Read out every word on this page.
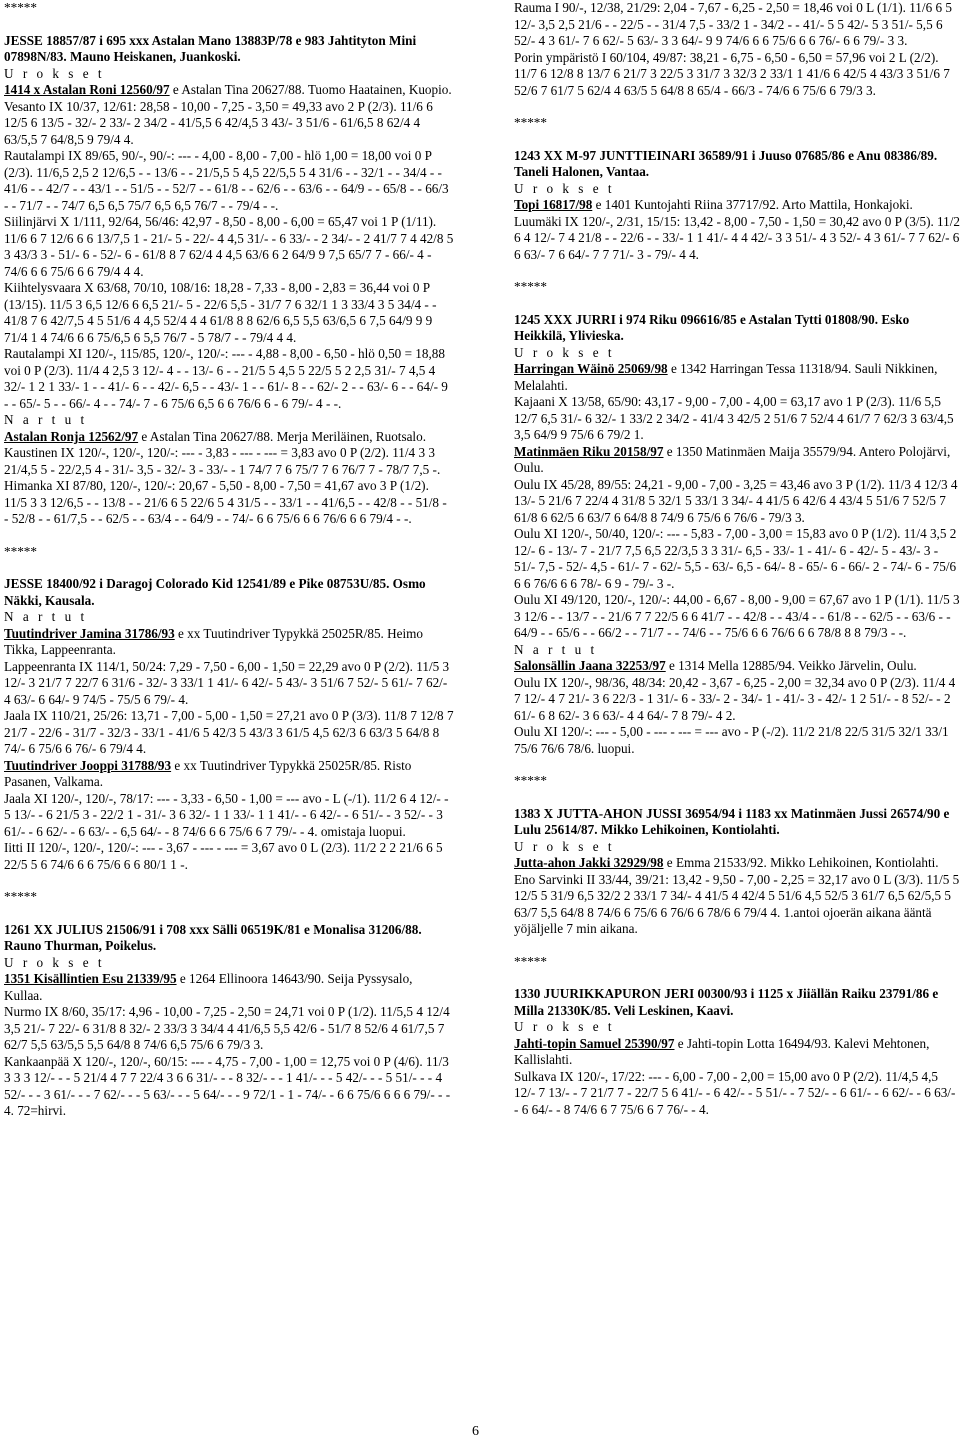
*****
JESSE 18857/87 i 695 xxx Astalan Mano 13883P/78 e 983 Jahtityton Mini 07898N/83. Mauno Heiskanen, Juankoski.
U r o k s e t
1414 x Astalan Roni 12560/97 e Astalan Tina 20627/88. Tuomo Haatainen, Kuopio.
Vesanto IX 10/37, 12/61: 28,58 - 10,00 - 7,25 - 3,50 = 49,33 avo 2 P (2/3). 11/6 6 12/5 6 13/5 - 32/- 2 33/- 2 34/2 - 41/5,5 6 42/4,5 3 43/- 3 51/6 - 61/6,5 8 62/4 4 63/5,5 7 64/8,5 9 79/4 4.
Rautalampi IX 89/65, 90/-, 90/-: --- - 4,00 - 8,00 - 7,00 - hlö 1,00 = 18,00 voi 0 P (2/3). 11/6,5 2,5 2 12/6,5 - - 13/6 - - 21/5,5 5 4,5 22/5,5 5 4 31/6 - - 32/1 - - 34/4 - - 41/6 - - 42/7 - - 43/1 - - 51/5 - - 52/7 - - 61/8 - - 62/6 - - 63/6 - - 64/9 - - 65/8 - - 66/3 - - 71/7 - - 74/7 6,5 6,5 75/7 6,5 6,5 76/7 - - 79/4 - -.
Siilinjärvi X 1/111, 92/64, 56/46: 42,97 - 8,50 - 8,00 - 6,00 = 65,47 voi 1 P (1/11). 11/6 6 7 12/6 6 6 13/7,5 1 - 21/- 5 - 22/- 4 4,5 31/- - 6 33/- - 2 34/- - 2 41/7 7 4 42/8 5 3 43/3 3 - 51/- 6 - 52/- 6 - 61/8 8 7 62/4 4 4,5 63/6 6 2 64/9 9 7,5 65/7 7 - 66/- 4 - 74/6 6 6 75/6 6 6 79/4 4 4.
Kiihtelysvaara X 63/68, 70/10, 108/16: 18,28 - 7,33 - 8,00 - 2,83 = 36,44 voi 0 P (13/15). 11/5 3 6,5 12/6 6 6,5 21/- 5 - 22/6 5,5 - 31/7 7 6 32/1 1 3 33/4 3 5 34/4 - - 41/8 7 6 42/7,5 4 5 51/6 4 4,5 52/4 4 4 61/8 8 8 62/6 6,5 5,5 63/6,5 6 7,5 64/9 9 9 71/4 1 4 74/6 6 6 75/6,5 6 5,5 76/7 - 5 78/7 - - 79/4 4 4.
Rautalampi XI 120/-, 115/85, 120/-, 120/-: --- - 4,88 - 8,00 - 6,50 - hlö 0,50 = 18,88 voi 0 P (2/3). 11/4 4 2,5 3 12/- 4 - - 13/- 6 - - 21/5 5 4,5 5 22/5 5 2 2,5 31/- 7 4,5 4 32/- 1 2 1 33/- 1 - - 41/- 6 - - 42/- 6,5 - - 43/- 1 - - 61/- 8 - - 62/- 2 - - 63/- 6 - - 64/- 9 - - 65/- 5 - - 66/- 4 - - 74/- 7 - 6 75/6 6,5 6 6 76/6 6 - 6 79/- 4 - -.
N a r t u t
Astalan Ronja 12562/97 e Astalan Tina 20627/88. Merja Meriläinen, Ruotsalo.
Kaustinen IX 120/-, 120/-, 120/-: --- - 3,83 - --- - --- = 3,83 avo 0 P (2/2). 11/4 3 3 21/4,5 5 - 22/2,5 4 - 31/- 3,5 - 32/- 3 - 33/- - 1 74/7 7 6 75/7 7 6 76/7 7 - 78/7 7,5 -.
Himanka XI 87/80, 120/-, 120/-: 20,67 - 5,50 - 8,00 - 7,50 = 41,67 avo 3 P (1/2). 11/5 3 3 12/6,5 - - 13/8 - - 21/6 6 5 22/6 5 4 31/5 - - 33/1 - - 41/6,5 - - 42/8 - - 51/8 - - 52/8 - - 61/7,5 - - 62/5 - - 63/4 - - 64/9 - - 74/- 6 6 75/6 6 6 76/6 6 6 79/4 - -.
*****
JESSE 18400/92 i Daragoj Colorado Kid 12541/89 e Pike 08753U/85. Osmo Näkki, Kausala.
N a r t u t
Tuutindriver Jamina 31786/93 e xx Tuutindriver Typykkä 25025R/85. Heimo Tikka, Lappeenranta.
Lappeenranta IX 114/1, 50/24: 7,29 - 7,50 - 6,00 - 1,50 = 22,29 avo 0 P (2/2). 11/5 3 12/- 3 21/7 7 22/7 6 31/6 - 32/- 3 33/1 1 41/- 6 42/- 5 43/- 3 51/6 7 52/- 5 61/- 7 62/- 4 63/- 6 64/- 9 74/5 - 75/5 6 79/- 4.
Jaala IX 110/21, 25/26: 13,71 - 7,00 - 5,00 - 1,50 = 27,21 avo 0 P (3/3). 11/8 7 12/8 7 21/7 - 22/6 - 31/7 - 32/3 - 33/1 - 41/6 5 42/3 5 43/3 3 61/5 4,5 62/3 6 63/3 5 64/8 8 74/- 6 75/6 6 76/- 6 79/4 4.
Tuutindriver Jooppi 31788/93 e xx Tuutindriver Typykkä 25025R/85. Risto Pasanen, Valkama.
Jaala XI 120/-, 120/-, 78/17: --- - 3,33 - 6,50 - 1,00 = --- avo - L (-/1). 11/2 6 4 12/- - 5 13/- - 6 21/5 3 - 22/2 1 - 31/- 3 6 32/- 1 1 33/- 1 1 41/- - 6 42/- - 6 51/- - 3 52/- - 3 61/- - 6 62/- - 6 63/- - 6,5 64/- - 8 74/6 6 6 75/6 6 7 79/- - 4. omistaja luopui.
Iitti II 120/-, 120/-, 120/-: --- - 3,67 - --- - --- = 3,67 avo 0 L (2/3). 11/2 2 2 21/6 6 5 22/5 5 6 74/6 6 6 75/6 6 6 80/1 1 -.
*****
1261 XX JULIUS 21506/91 i 708 xxx Sälli 06519K/81 e Monalisa 31206/88. Rauno Thurman, Poikelus.
U r o k s e t
1351 Kisällintien Esu 21339/95 e 1264 Ellinoora 14643/90. Seija Pyssysalo, Kullaa.
Nurmo IX 8/60, 35/17: 4,96 - 10,00 - 7,25 - 2,50 = 24,71 voi 0 P (1/2). 11/5,5 4 12/4 3,5 21/- 7 22/- 6 31/8 8 32/- 2 33/3 3 34/4 4 41/6,5 5,5 42/6 - 51/7 8 52/6 4 61/7,5 7 62/7 5,5 63/5,5 5,5 64/8 8 74/6 6,5 75/6 6 79/3 3.
Kankaanpää X 120/-, 120/-, 60/15: --- - 4,75 - 7,00 - 1,00 = 12,75 voi 0 P (4/6). 11/3 3 3 3 12/- - - 5 21/4 4 7 7 22/4 3 6 6 31/- - - 8 32/- - - 1 41/- - - 5 42/- - - 5 51/- - - 4 52/- - - 3 61/- - - 7 62/- - - 5 63/- - - 5 64/- - - 9 72/1 - 1 - 74/- - 6 6 75/6 6 6 6 79/- - - 4. 72=hirvi.
Rauma I 90/-, 12/38, 21/29: 2,04 - 7,67 - 6,25 - 2,50 = 18,46 voi 0 L (1/1). 11/6 6 5 12/- 3,5 2,5 21/6 - - 22/5 - - 31/4 7,5 - 33/2 1 - 34/2 - - 41/- 5 5 42/- 5 3 51/- 5,5 6 52/- 4 3 61/- 7 6 62/- 5 63/- 3 3 64/- 9 9 74/6 6 6 75/6 6 6 76/- 6 6 79/- 3 3.
Porin ympäristö I 60/104, 49/87: 38,21 - 6,75 - 6,50 - 6,50 = 57,96 voi 2 L (2/2). 11/7 6 12/8 8 13/7 6 21/7 3 22/5 3 31/7 3 32/3 2 33/1 1 41/6 6 42/5 4 43/3 3 51/6 7 52/6 7 61/7 5 62/4 4 63/5 5 64/8 8 65/4 - 66/3 - 74/6 6 75/6 6 79/3 3.
*****
1243 XX M-97 JUNTTIEINARI 36589/91 i Juuso 07685/86 e Anu 08386/89. Taneli Halonen, Vantaa.
U r o k s e t
Topi 16817/98 e 1401 Kuntojahti Riina 37717/92. Arto Mattila, Honkajoki.
Luumäki IX 120/-, 2/31, 15/15: 13,42 - 8,00 - 7,50 - 1,50 = 30,42 avo 0 P (3/5). 11/2 6 4 12/- 7 4 21/8 - - 22/6 - - 33/- 1 1 41/- 4 4 42/- 3 3 51/- 4 3 52/- 4 3 61/- 7 7 62/- 6 6 63/- 7 6 64/- 7 7 71/- 3 - 79/- 4 4.
*****
1245 XXX JURRI i 974 Riku 096616/85 e Astalan Tytti 01808/90. Esko Heikkilä, Ylivieska.
U r o k s e t
Harringan Wäinö 25069/98 e 1342 Harringan Tessa 11318/94. Sauli Nikkinen, Melalahti.
Kajaani X 13/58, 65/90: 43,17 - 9,00 - 7,00 - 4,00 = 63,17 avo 1 P (2/3). 11/6 5,5 12/7 6,5 31/- 6 32/- 1 33/2 2 34/2 - 41/4 3 42/5 2 51/6 7 52/4 4 61/7 7 62/3 3 63/4,5 3,5 64/9 9 75/6 6 79/2 1.
Matinmäen Riku 20158/97 e 1350 Matinmäen Maija 35579/94. Antero Polojärvi, Oulu.
Oulu IX 45/28, 89/55: 24,21 - 9,00 - 7,00 - 3,25 = 43,46 avo 3 P (1/2). 11/3 4 12/3 4 13/- 5 21/6 7 22/4 4 31/8 5 32/1 5 33/1 3 34/- 4 41/5 6 42/6 4 43/4 5 51/6 7 52/5 7 61/8 6 62/5 6 63/7 6 64/8 8 74/9 6 75/6 6 76/6 - 79/3 3.
Oulu XI 120/-, 50/40, 120/-: --- - 5,83 - 7,00 - 3,00 = 15,83 avo 0 P (1/2). 11/4 3,5 2 12/- 6 - 13/- 7 - 21/7 7,5 6,5 22/3,5 3 3 31/- 6,5 - 33/- 1 - 41/- 6 - 42/- 5 - 43/- 3 - 51/- 7,5 - 52/- 4,5 - 61/- 7 - 62/- 5,5 - 63/- 6,5 - 64/- 8 - 65/- 6 - 66/- 2 - 74/- 6 - 75/6 6 6 76/6 6 6 78/- 6 9 - 79/- 3 -.
Oulu XI 49/120, 120/-, 120/-: 44,00 - 6,67 - 8,00 - 9,00 = 67,67 avo 1 P (1/1). 11/5 3 3 12/6 - - 13/7 - - 21/6 7 7 22/5 6 6 41/7 - - 42/8 - - 43/4 - - 61/8 - - 62/5 - - 63/6 - - 64/9 - - 65/6 - - 66/2 - - 71/7 - - 74/6 - - 75/6 6 6 76/6 6 6 78/8 8 8 79/3 - -.
N a r t u t
Salonsällin Jaana 32253/97 e 1314 Mella 12885/94. Veikko Järvelin, Oulu.
Oulu IX 120/-, 98/36, 48/34: 20,42 - 3,67 - 6,25 - 2,00 = 32,34 avo 0 P (2/3). 11/4 4 7 12/- 4 7 21/- 3 6 22/3 - 1 31/- 6 - 33/- 2 - 34/- 1 - 41/- 3 - 42/- 1 2 51/- - 8 52/- - 2 61/- 6 8 62/- 3 6 63/- 4 4 64/- 7 8 79/- 4 2.
Oulu XI 120/-: --- - 5,00 - --- - --- = --- avo - P (-/2). 11/2 21/8 22/5 31/5 32/1 33/1 75/6 76/6 78/6. luopui.
*****
1383 X JUTTA-AHON JUSSI 36954/94 i 1183 xx Matinmäen Jussi 26574/90 e Lulu 25614/87. Mikko Lehikoinen, Kontiolahti.
U r o k s e t
Jutta-ahon Jakki 32929/98 e Emma 21533/92. Mikko Lehikoinen, Kontiolahti.
Eno Sarvinki II 33/44, 39/21: 13,42 - 9,50 - 7,00 - 2,25 = 32,17 avo 0 L (3/3). 11/5 5 12/5 5 31/9 6,5 32/2 2 33/1 7 34/- 4 41/5 4 42/4 5 51/6 4,5 52/5 3 61/7 6,5 62/5,5 5 63/7 5,5 64/8 8 74/6 6 75/6 6 76/6 6 78/6 6 79/4 4. 1.antoi ojoerän aikana ääntä yöjäljelle 7 min aikana.
*****
1330 JUURIKKAPURON JERI 00300/93 i 1125 x Jiiällän Raiku 23791/86 e Milla 21330K/85. Veli Leskinen, Kaavi.
U r o k s e t
Jahti-topin Samuel 25390/97 e Jahti-topin Lotta 16494/93. Kalevi Mehtonen, Kallislahti.
Sulkava IX 120/-, 17/22: --- - 6,00 - 7,00 - 2,00 = 15,00 avo 0 P (2/2). 11/4,5 4,5 12/- 7 13/- - 7 21/7 7 - 22/7 5 6 41/- - 6 42/- - 5 51/- - 7 52/- - 6 61/- - 6 62/- - 6 63/- - 6 64/- - 8 74/6 6 7 75/6 6 7 76/- - 4.
6
